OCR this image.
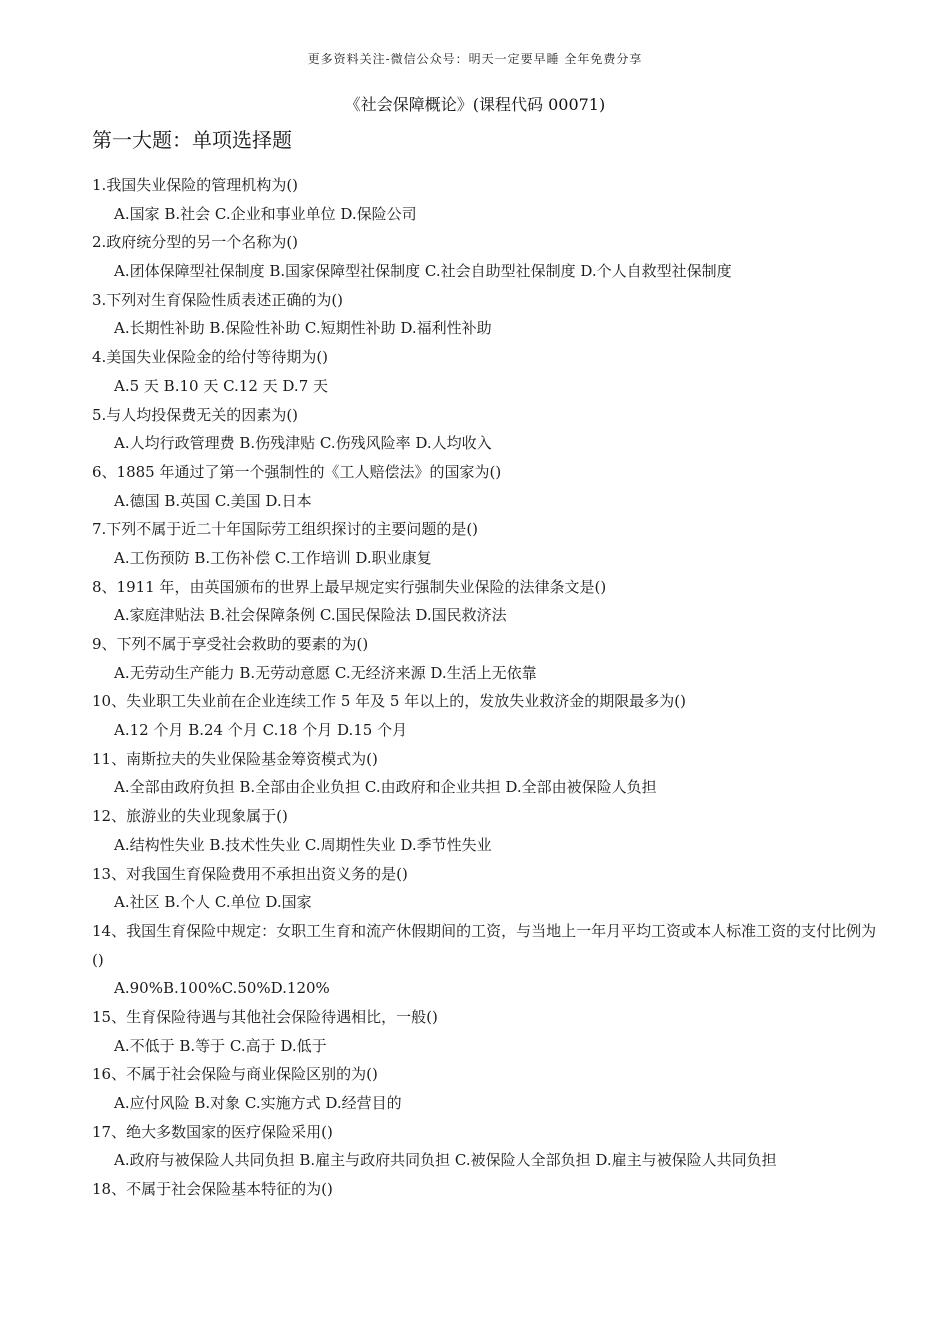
更多资料关注-微信公众号：明天一定要早睡 全年免费分享
《社会保障概论》(课程代码 00071)
第一大题：单项选择题
1.我国失业保险的管理机构为()
A.国家 B.社会 C.企业和事业单位 D.保险公司
2.政府统分型的另一个名称为()
A.团体保障型社保制度 B.国家保障型社保制度 C.社会自助型社保制度 D.个人自救型社保制度
3.下列对生育保险性质表述正确的为()
A.长期性补助 B.保险性补助 C.短期性补助 D.福利性补助
4.美国失业保险金的给付等待期为()
A.5 天 B.10 天 C.12 天 D.7 天
5.与人均投保费无关的因素为()
A.人均行政管理费 B.伤残津贴 C.伤残风险率 D.人均收入
6、1885 年通过了第一个强制性的《工人赔偿法》的国家为()
A.德国 B.英国 C.美国 D.日本
7.下列不属于近二十年国际劳工组织探讨的主要问题的是()
A.工伤预防 B.工伤补偿 C.工作培训 D.职业康复
8、1911 年，由英国颁布的世界上最早规定实行强制失业保险的法律条文是()
A.家庭津贴法 B.社会保障条例 C.国民保险法 D.国民救济法
9、下列不属于享受社会救助的要素的为()
A.无劳动生产能力 B.无劳动意愿 C.无经济来源 D.生活上无依靠
10、失业职工失业前在企业连续工作 5 年及 5 年以上的，发放失业救济金的期限最多为()
A.12 个月 B.24 个月 C.18 个月 D.15 个月
11、南斯拉夫的失业保险基金筹资模式为()
A.全部由政府负担 B.全部由企业负担 C.由政府和企业共担 D.全部由被保险人负担
12、旅游业的失业现象属于()
A.结构性失业 B.技术性失业 C.周期性失业 D.季节性失业
13、对我国生育保险费用不承担出资义务的是()
A.社区 B.个人 C.单位 D.国家
14、我国生育保险中规定：女职工生育和流产休假期间的工资，与当地上一年月平均工资或本人标准工资的支付比例为()
A.90%B.100%C.50%D.120%
15、生育保险待遇与其他社会保险待遇相比，一般()
A.不低于 B.等于 C.高于 D.低于
16、不属于社会保险与商业保险区别的为()
A.应付风险 B.对象 C.实施方式 D.经营目的
17、绝大多数国家的医疗保险采用()
A.政府与被保险人共同负担 B.雇主与政府共同负担 C.被保险人全部负担 D.雇主与被保险人共同负担
18、不属于社会保险基本特征的为()
